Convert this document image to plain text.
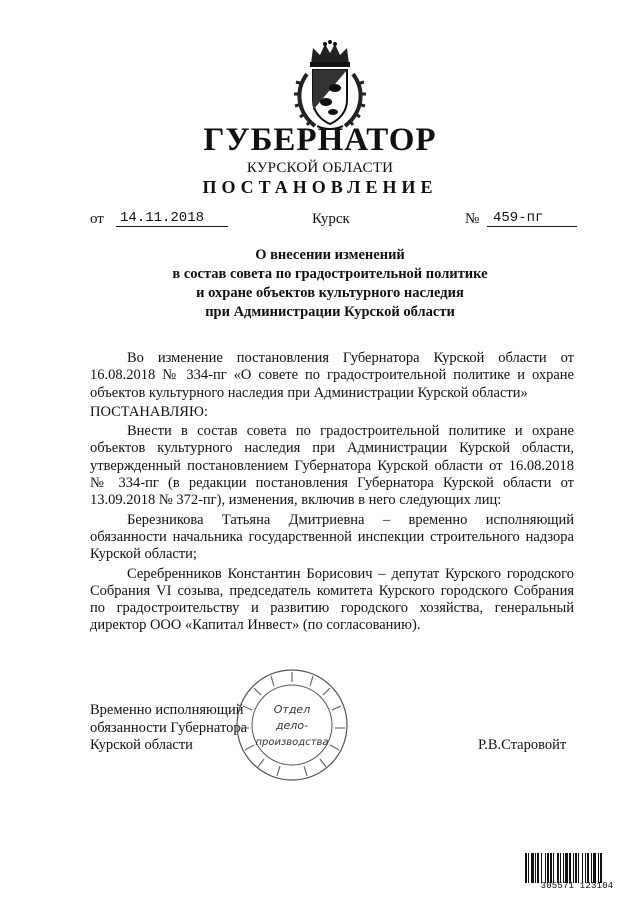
ГУБЕРНАТОР
КУРСКОЙ ОБЛАСТИ
ПОСТАНОВЛЕНИЕ
от 14.11.2018	Курск	№ 459-пг
О внесении изменений
в состав совета по градостроительной политике
и охране объектов культурного наследия
при Администрации Курской области

Во изменение постановления Губернатора Курской области от 16.08.2018 № 334-пг «О совете по градостроительной политике и охране объектов культурного наследия при Администрации Курской области»

ПОСТАНАВЛЯЮ:

Внести в состав совета по градостроительной политике и охране объектов культурного наследия при Администрации Курской области, утвержденный постановлением Губернатора Курской области от 16.08.2018 № 334-пг (в редакции постановления Губернатора Курской области от 13.09.2018 № 372-пг), изменения, включив в него следующих лиц:

Березникова Татьяна Дмитриевна – временно исполняющий обязанности начальника государственной инспекции строительного надзора Курской области;

Серебренников Константин Борисович – депутат Курского городского Собрания VI созыва, председатель комитета Курского городского Собрания по градостроительству и развитию городского хозяйства, генеральный директор ООО «Капитал Инвест» (по согласованию).

Временно исполняющий
обязанности Губернатора
Курской области	Р.В.Старовойт
Отдел
дело-
производства
305571 123104
